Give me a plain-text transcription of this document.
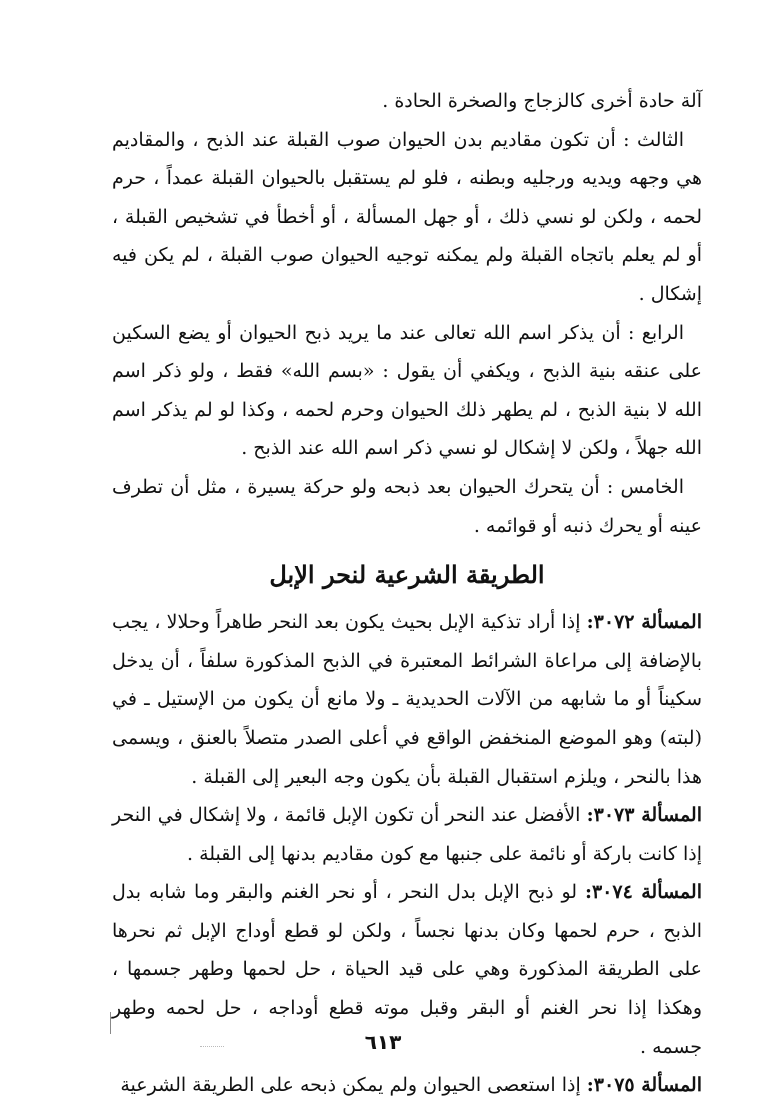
آلة حادة أخرى كالزجاج والصخرة الحادة .

الثالث : أن تكون مقاديم بدن الحيوان صوب القبلة عند الذبح ، والمقاديم هي وجهه ويديه ورجليه وبطنه ، فلو لم يستقبل بالحيوان القبلة عمداً ، حرم لحمه ، ولكن لو نسي ذلك ، أو جهل المسألة ، أو أخطأ في تشخيص القبلة ، أو لم يعلم باتجاه القبلة ولم يمكنه توجيه الحيوان صوب القبلة ، لم يكن فيه إشكال .

الرابع : أن يذكر اسم الله تعالى عند ما يريد ذبح الحيوان أو يضع السكين على عنقه بنية الذبح ، ويكفي أن يقول : «بسم الله» فقط ، ولو ذكر اسم الله لا بنية الذبح ، لم يطهر ذلك الحيوان وحرم لحمه ، وكذا لو لم يذكر اسم الله جهلاً ، ولكن لا إشكال لو نسي ذكر اسم الله عند الذبح .

الخامس : أن يتحرك الحيوان بعد ذبحه ولو حركة يسيرة ، مثل أن تطرف عينه أو يحرك ذنبه أو قوائمه .

الطريقة الشرعية لنحر الإبل

المسألة ٣٠٧٢: إذا أراد تذكية الإبل بحيث يكون بعد النحر طاهراً وحلالا ، يجب بالإضافة إلى مراعاة الشرائط المعتبرة في الذبح المذكورة سلفاً ، أن يدخل سكيناً أو ما شابهه من الآلات الحديدية ـ ولا مانع أن يكون من الإستيل ـ في (لبته) وهو الموضع المنخفض الواقع في أعلى الصدر متصلاً بالعنق ، ويسمى هذا بالنحر ، ويلزم استقبال القبلة بأن يكون وجه البعير إلى القبلة .

المسألة ٣٠٧٣: الأفضل عند النحر أن تكون الإبل قائمة ، ولا إشكال في النحر إذا كانت باركة أو نائمة على جنبها مع كون مقاديم بدنها إلى القبلة .

المسألة ٣٠٧٤: لو ذبح الإبل بدل النحر ، أو نحر الغنم والبقر وما شابه بدل الذبح ، حرم لحمها وكان بدنها نجساً ، ولكن لو قطع أوداج الإبل ثم نحرها على الطريقة المذكورة وهي على قيد الحياة ، حل لحمها وطهر جسمها ، وهكذا إذا نحر الغنم أو البقر وقبل موته قطع أوداجه ، حل لحمه وطهر جسمه .

المسألة ٣٠٧٥: إذا استعصى الحيوان ولم يمكن ذبحه على الطريقة الشرعية

٦١٣
